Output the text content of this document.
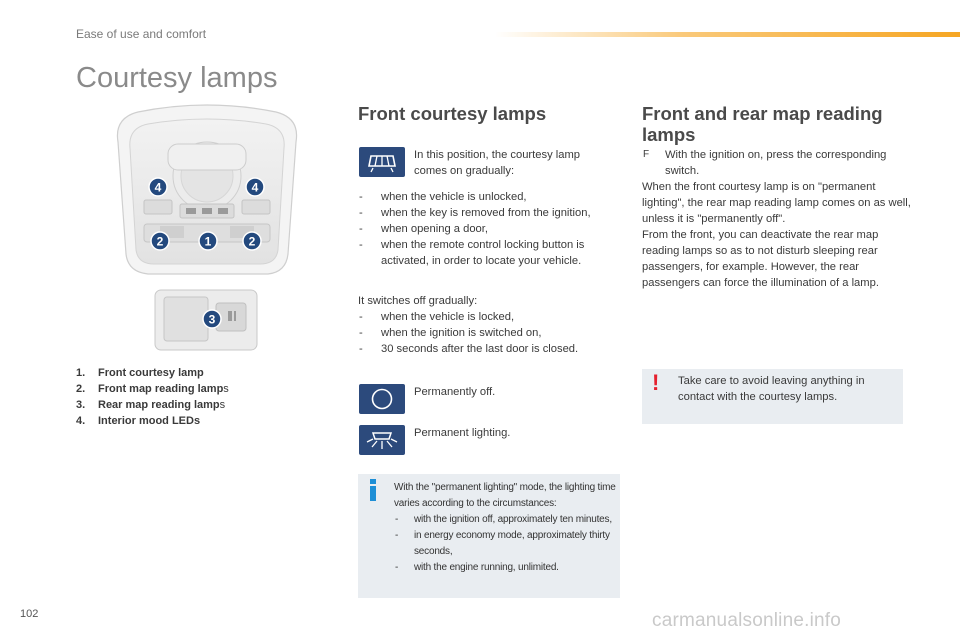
Ease of use and comfort
Courtesy lamps
4	4
2	1	2
3
1. Front courtesy lamp
2. Front map reading lamps
3. Rear map reading lamps
4. Interior mood LEDs
Front courtesy lamps
In this position, the courtesy lamp comes on gradually:
- when the vehicle is unlocked,
- when the key is removed from the ignition,
- when opening a door,
- when the remote control locking button is activated, in order to locate your vehicle.
It switches off gradually:
- when the vehicle is locked,
- when the ignition is switched on,
- 30 seconds after the last door is closed.
Permanently off.
Permanent lighting.
With the "permanent lighting" mode, the lighting time varies according to the circumstances:
- with the ignition off, approximately ten minutes,
- in energy economy mode, approximately thirty seconds,
- with the engine running, unlimited.
Front and rear map reading lamps
F With the ignition on, press the corresponding switch.
When the front courtesy lamp is on "permanent lighting", the rear map reading lamp comes on as well, unless it is "permanently off".
From the front, you can deactivate the rear map reading lamps so as to not disturb sleeping rear passengers, for example. However, the rear passengers can force the illumination of a lamp.
! Take care to avoid leaving anything in contact with the courtesy lamps.
102	carmanualsonline.info
